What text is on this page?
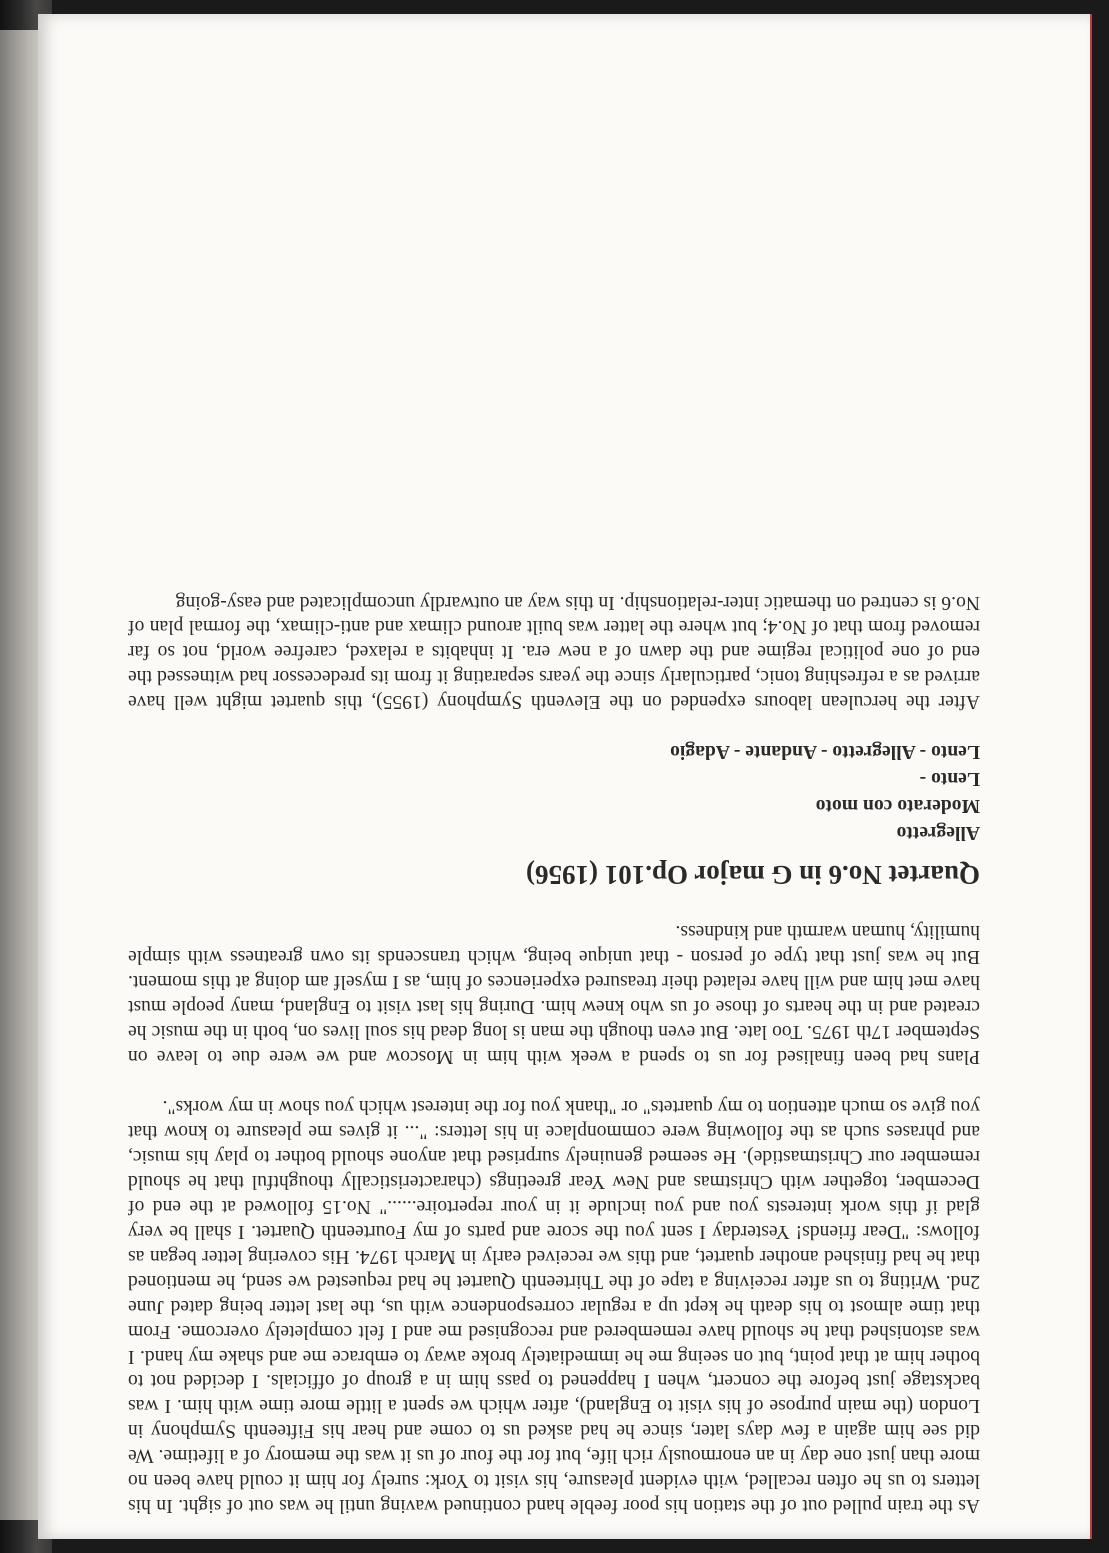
As the train pulled out of the station his poor feeble hand continued waving until he was out of sight. In his letters to us he often recalled, with evident pleasure, his visit to York: surely for him it could have been no more than just one day in an enormously rich life, but for the four of us it was the memory of a lifetime. We did see him again a few days later, since he had asked us to come and hear his Fifteenth Symphony in London (the main purpose of his visit to England), after which we spent a little more time with him. I was backstage just before the concert, when I happened to pass him in a group of officials. I decided not to bother him at that point, but on seeing me he immediately broke away to embrace me and shake my hand. I was astonished that he should have remembered and recognised me and I felt completely overcome. From that time almost to his death he kept up a regular correspondence with us, the last letter being dated June 2nd. Writing to us after receiving a tape of the Thirteenth Quartet he had requested we send, he mentioned that he had finished another quartet, and this we received early in March 1974. His covering letter began as follows: "Dear friends! Yesterday I sent you the score and parts of my Fourteenth Quartet. I shall be very glad if this work interests you and you include it in your repertoire......" No.15 followed at the end of December, together with Christmas and New Year greetings (characteristically thoughtful that he should remember our Christmastide). He seemed genuinely surprised that anyone should bother to play his music, and phrases such as the following were commonplace in his letters: "... it gives me pleasure to know that you give so much attention to my quartets" or "thank you for the interest which you show in my works".

Plans had been finalised for us to spend a week with him in Moscow and we were due to leave on September 17th 1975. Too late. But even though the man is long dead his soul lives on, both in the music he created and in the hearts of those of us who knew him. During his last visit to England, many people must have met him and will have related their treasured experiences of him, as I myself am doing at this moment. But he was just that type of person - that unique being, which transcends its own greatness with simple humility, human warmth and kindness.

Quartet No.6 in G major Op.101 (1956)
Allegretto
Moderato con moto
Lento -
Lento - Allegretto - Andante - Adagio

After the herculean labours expended on the Eleventh Symphony (1955), this quartet might well have arrived as a refreshing tonic, particularly since the years separating it from its predecessor had witnessed the end of one political regime and the dawn of a new era. It inhabits a relaxed, carefree world, not so far removed from that of No.4; but where the latter was built around climax and anti-climax, the formal plan of No.6 is centred on thematic inter-relationship. In this way an outwardly uncomplicated and easy-going
